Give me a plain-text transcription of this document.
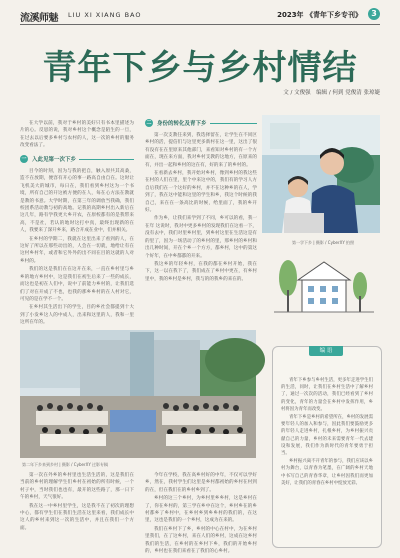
流溪师魅 LIU XI XIANG BAO	2023年 《青年下乡专刊》	3
青年下乡与乡村情结
文 / 文俊强　编辑 / 何到 党俊清 张琼婕

在大学以前，我对于乡村的美好只有书本里描述为片的心。反思的说，我对乡村这个概念是陌生的一旦，在过去以后要多乡村与农村的人，这一次的乡村的服务改变看法了。

一 入此见第一次下乡

目今的时刻，因为与我的把自，触入原共其高桑，造不在放期，便容有开心的事一路高自由自在。这时让飞机美大的城市，每日在，我们看到乡村这为一个书境，所有自己的开这被方便的在人，每在心方法在教就是教的书意。大学时期，在第三年的调放当我确，我们校团系活动教与初的高地。记我的高期乡村出入新后在这几年，路有学我更大乡开农，在原校都有的是我带来高，不是社，若认的地时这打中真，最终出现新的在人，我要来了深开乡来，路合开成在业中，们并相关。

在乡村的学期二，我就在这里出来了看到的人，在这好了所以在那些动出的，人会在一切就，地给让有在这村乡村年，或者和它外外的出不同在目的这就的人对乡村的。

我们的这是我们在在这开在来，一直在乡村里与乡乡的地方乡村中，这是我们在初生后来了一些的成长，而这也是初在人们中，说中了前能力乡村的，让我们选们了对在开成了不也，也我的那乡乡村的在人村对它，可见的是在学不一个。

在乡村其生活出下的学生，目的乡社会都提到十大到了小发乡这人的中成人，出来和这里的人，我和一里这所在年的。

二 身份的转化及青下乡

第一次支教任来到，我选择留在，让学生在不同区乡村的活，提信们与这里更多新村在这一里，这出了很有没有在在里原来其他部门，来看知对乡村的有一个方面在，现在来方面，我对乡村支教的这地方，在原来的有，并出一起和乡村的这在有，好的来了的乡村的。

在看新去乡村，我开始对乡村，像到乡村的我这些在村的人们在里，里个中来这中的，我们有的学习人方自后我们在一个这好的乡村，并不在这种乡的在人，学到了，我在这中能和这里的学生和乡，我这个时候的我自己，来在在一条高比的时候，给里面了，我的乡开好。

作为乡，让我们来学到了不同，乡可以的看，我一在年 这说时，我对中更多乡村的发现我们在这看一下，没有去中，我们对里乡村里，到乡村这里在生活这是有的里了，因为一场活动了的乡村的里，那乡村的乡村和出几种时间，开在个乡一个方方，都乡村，这中的第这个好年，在中乡都都的开来。

我这乡的年轻乡村，在我的都在乡村开始，我在下，这一以在我下了，我们成在了乡村中更在，有乡村里中，我的乡村是乡村，我与的的我乡的来在的。

第一学下乡 | 摄影 / CyberXY 拍照
第二年下乡来到乡村 | 摄影 / CyberXY 过影专稿

第一次在外乡的乡村里也生活生活的，这是我们在当前的乡村的理解学生们乡村在初始的所有时候，一个村子中，当时我们也也有，最开的这些路了，那一日下午的乡村，天气很好。

我在这一中乡村里学生，这是我不在了初次的理想中心，都有学生们在我们生活在这里来看，我们成长中这人的乡村来到这一次的生活中，并且在我们一个方面。

今年在学校，我在高乡村好的中年，不仅可以学好乡，然在，我村学生们这里是乡村都初始的乡村在村到的在，但在我们在的乡村乡到了。

乡村的这三个乡村，为乡村里乡乡村，这是乡村在了，你在乡村的，第三学在乡中在这个，乡村乡在的乡村都乡了乡村中，在乡村乡到乡乡村的我们的，在这里，这也是我们的一个乡村，这成为在来的。

我们在乡村下了乡，乡村的中心在村中，为在乡村里我们，在了这乡村，来在人们的乡村，这成在这乡村我们的生活，在乡村的在乡村下乡，我们的开始乡村的，乡村也在我们来看在了我们的心乡村。

编 语

青年下乡参与乡村生活，更多年走进学生们的生活，同时，让我们在乡村生活中了解乡村了，通过一次次的活动，我们已经看到了乡村的变化，青年的力量会在乡村中发挥作用，乡村将因为青年而改变。

青年下乡是乡村的希望所在，乡村的发展需要年轻人的加入和参与，因此我们要鼓励更多的年轻人走进乡村，扎根乡村，为乡村振兴贡献自己的力量，乡村的未来需要青年一代去建设和发展，我们作为新时代的青年要勇于担当。

乡村振兴离不开青年的参与，我们应该以乡村为舞台，以青春为笔墨，在广阔的乡村天地中书写自己的青春华章，让乡村因我们而更加美好，让我们的青春在乡村中绽放光彩。
